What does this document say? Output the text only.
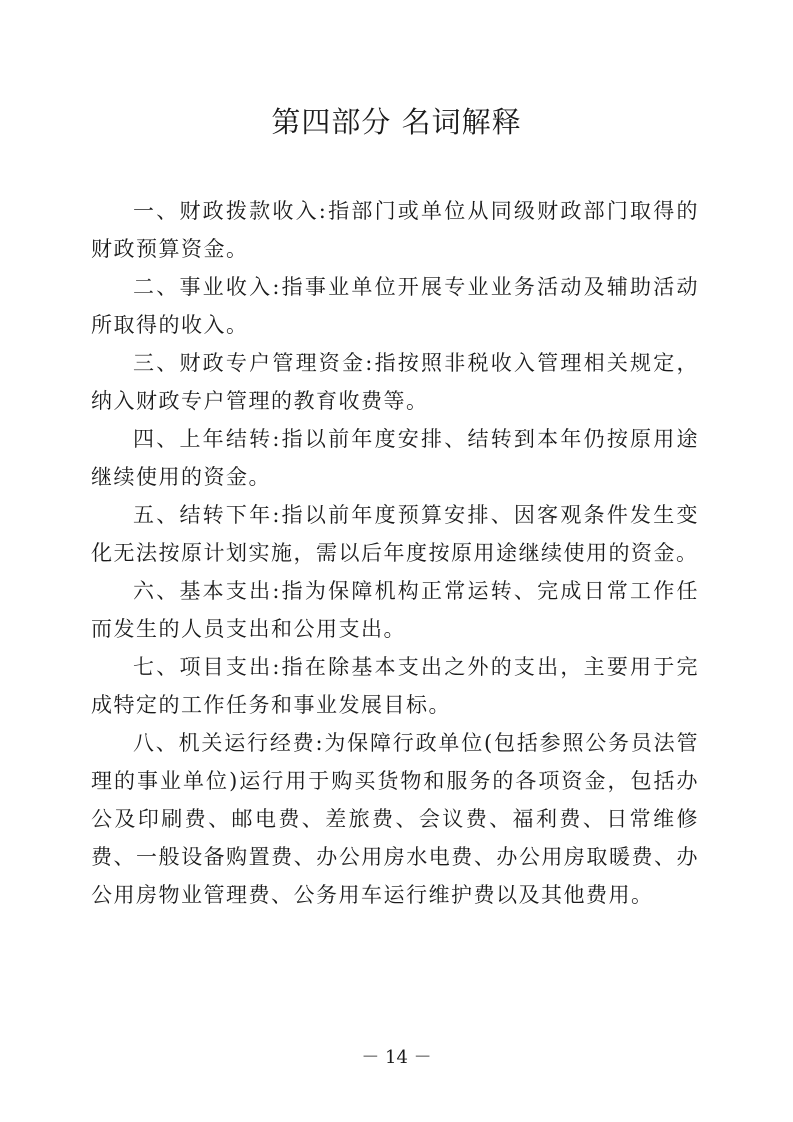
第四部分 名词解释

一、财政拨款收入:指部门或单位从同级财政部门取得的财政预算资金。

二、事业收入:指事业单位开展专业业务活动及辅助活动所取得的收入。

三、财政专户管理资金:指按照非税收入管理相关规定，纳入财政专户管理的教育收费等。

四、上年结转:指以前年度安排、结转到本年仍按原用途继续使用的资金。

五、结转下年:指以前年度预算安排、因客观条件发生变化无法按原计划实施，需以后年度按原用途继续使用的资金。

六、基本支出:指为保障机构正常运转、完成日常工作任而发生的人员支出和公用支出。

七、项目支出:指在除基本支出之外的支出，主要用于完成特定的工作任务和事业发展目标。

八、机关运行经费:为保障行政单位(包括参照公务员法管理的事业单位)运行用于购买货物和服务的各项资金，包括办公及印刷费、邮电费、差旅费、会议费、福利费、日常维修费、一般设备购置费、办公用房水电费、办公用房取暖费、办公用房物业管理费、公务用车运行维护费以及其他费用。

－ 14 －
